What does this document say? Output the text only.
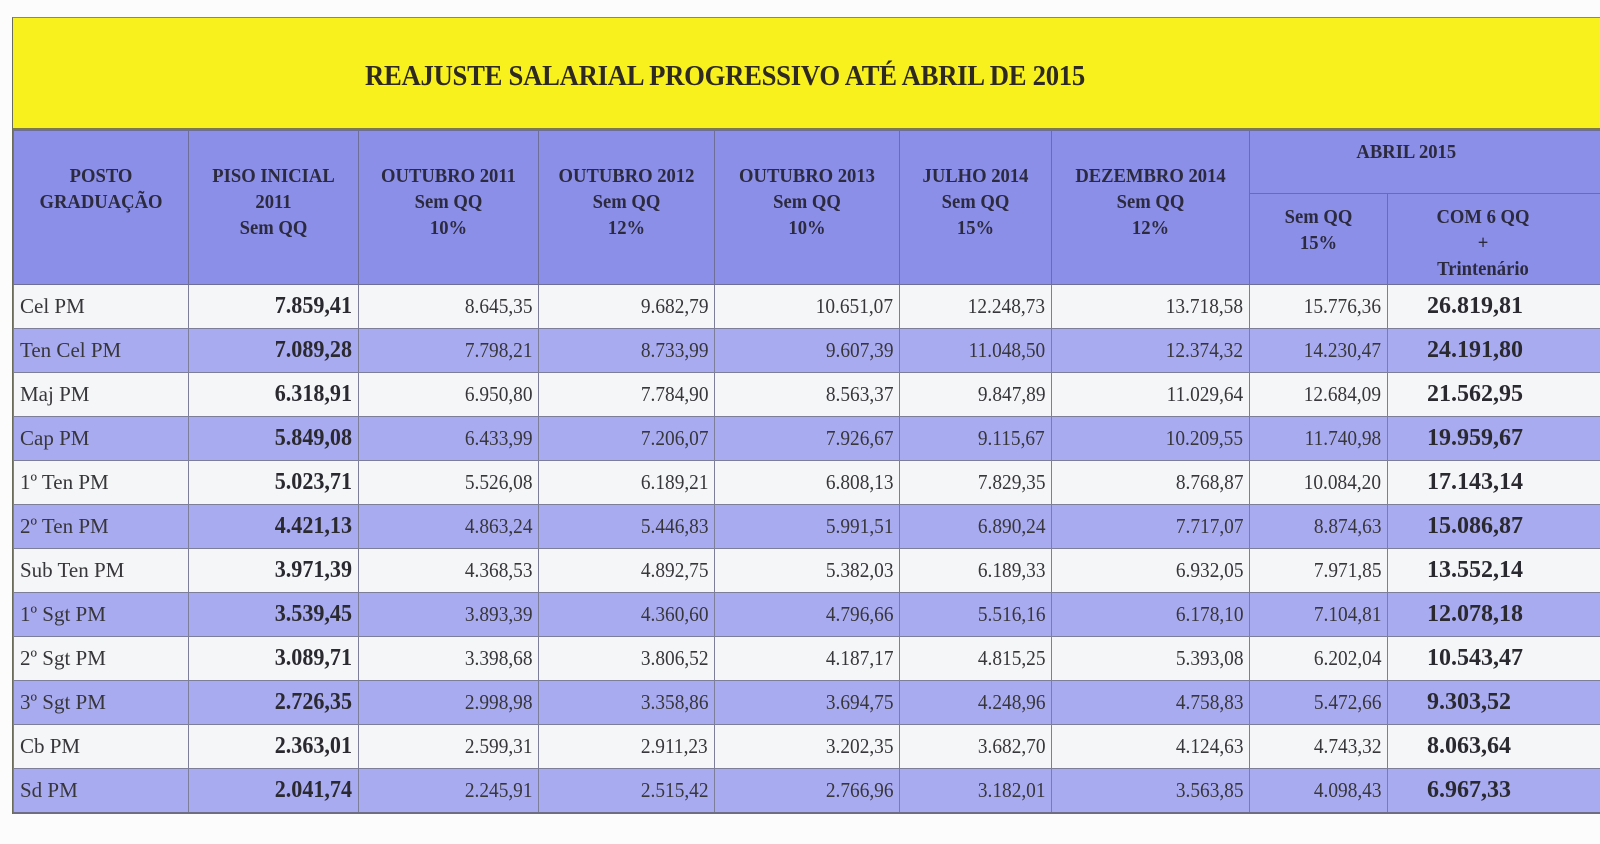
REAJUSTE SALARIAL PROGRESSIVO ATÉ ABRIL DE 2015
POSTO
GRADUAÇÃO

PISO INICIAL
2011
Sem QQ

OUTUBRO 2011
Sem QQ
10%

OUTUBRO 2012
Sem QQ
12%

OUTUBRO 2013
Sem QQ
10%

JULHO 2014
Sem QQ
15%

DEZEMBRO 2014
Sem QQ
12%

ABRIL 2015

Sem QQ
15%

COM 6 QQ
+
Trintenário

Cel PM	7.859,41	8.645,35	9.682,79	10.651,07	12.248,73	13.718,58	15.776,36	26.819,81
Ten Cel PM	7.089,28	7.798,21	8.733,99	9.607,39	11.048,50	12.374,32	14.230,47	24.191,80
Maj PM	6.318,91	6.950,80	7.784,90	8.563,37	9.847,89	11.029,64	12.684,09	21.562,95
Cap PM	5.849,08	6.433,99	7.206,07	7.926,67	9.115,67	10.209,55	11.740,98	19.959,67
1º Ten PM	5.023,71	5.526,08	6.189,21	6.808,13	7.829,35	8.768,87	10.084,20	17.143,14
2º Ten PM	4.421,13	4.863,24	5.446,83	5.991,51	6.890,24	7.717,07	8.874,63	15.086,87
Sub Ten PM	3.971,39	4.368,53	4.892,75	5.382,03	6.189,33	6.932,05	7.971,85	13.552,14
1º Sgt PM	3.539,45	3.893,39	4.360,60	4.796,66	5.516,16	6.178,10	7.104,81	12.078,18
2º Sgt PM	3.089,71	3.398,68	3.806,52	4.187,17	4.815,25	5.393,08	6.202,04	10.543,47
3º Sgt PM	2.726,35	2.998,98	3.358,86	3.694,75	4.248,96	4.758,83	5.472,66	9.303,52
Cb PM	2.363,01	2.599,31	2.911,23	3.202,35	3.682,70	4.124,63	4.743,32	8.063,64
Sd PM	2.041,74	2.245,91	2.515,42	2.766,96	3.182,01	3.563,85	4.098,43	6.967,33
